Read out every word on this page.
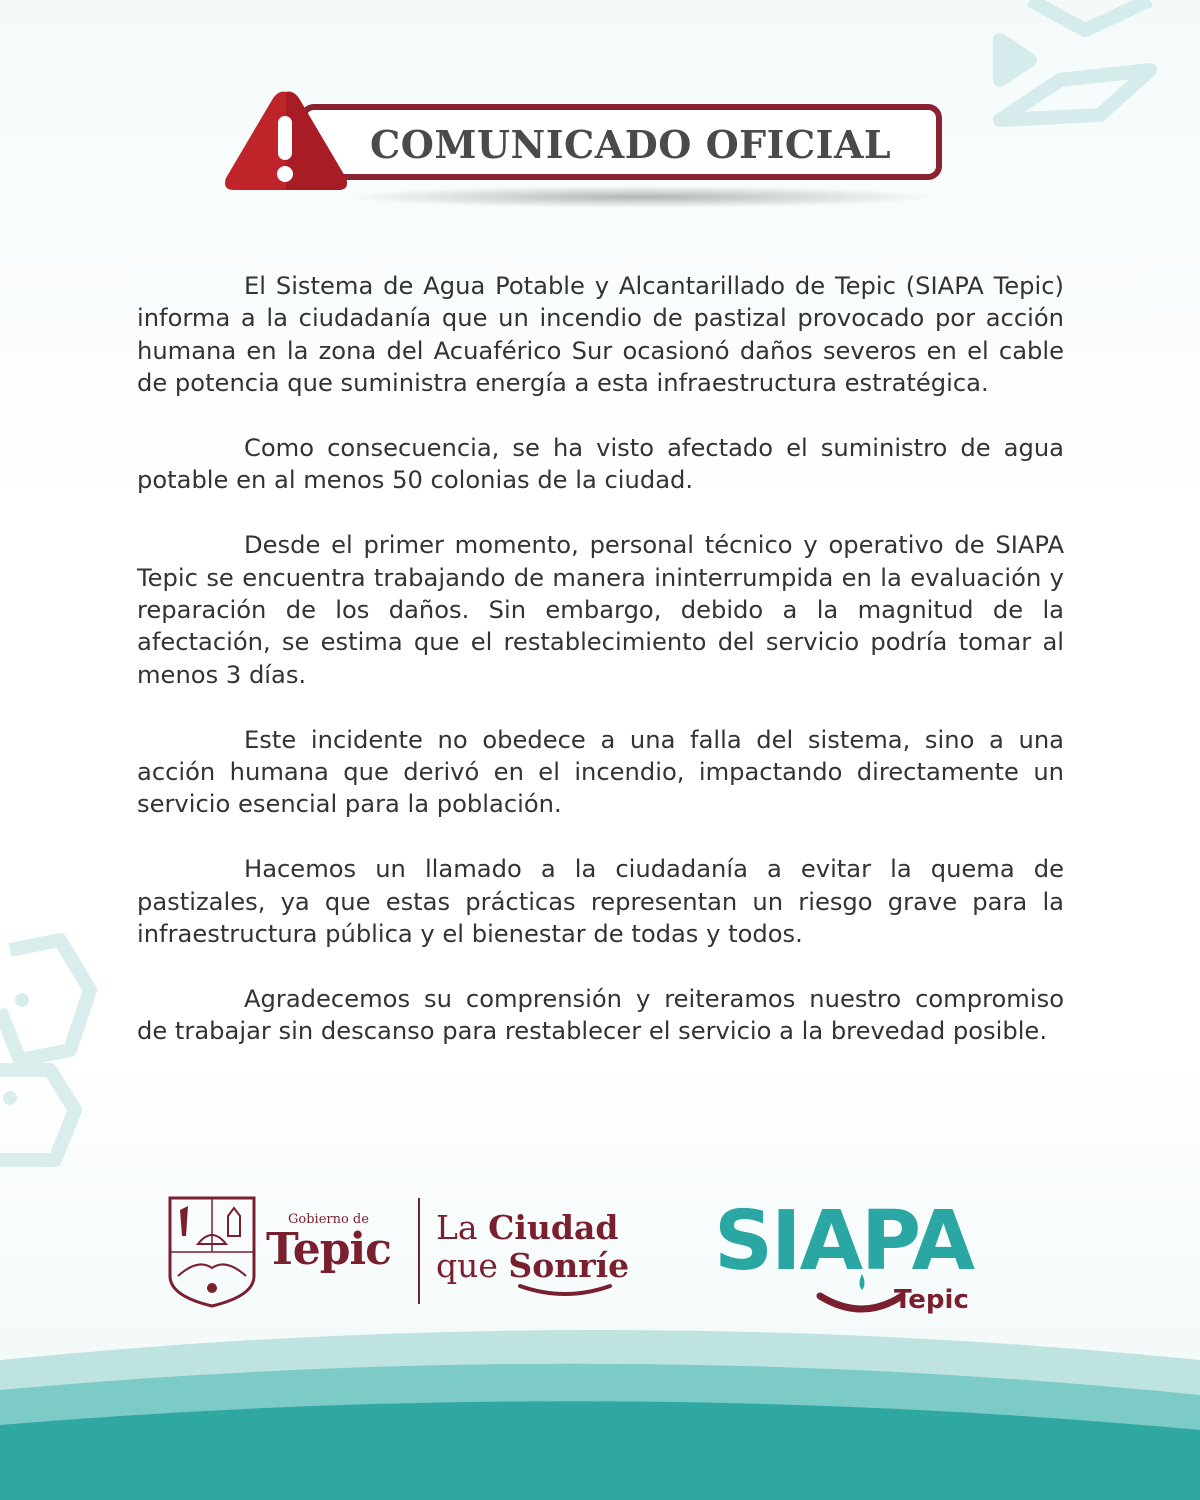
COMUNICADO OFICIAL

El Sistema de Agua Potable y Alcantarillado de Tepic (SIAPA Tepic) informa a la ciudadanía que un incendio de pastizal provocado por acción humana en la zona del Acuaférico Sur ocasionó daños severos en el cable de potencia que suministra energía a esta infraestructura estratégica.

Como consecuencia, se ha visto afectado el suministro de agua potable en al menos 50 colonias de la ciudad.

Desde el primer momento, personal técnico y operativo de SIAPA Tepic se encuentra trabajando de manera ininterrumpida en la evaluación y reparación de los daños. Sin embargo, debido a la magnitud de la afectación, se estima que el restablecimiento del servicio podría tomar al menos 3 días.

Este incidente no obedece a una falla del sistema, sino a una acción humana que derivó en el incendio, impactando directamente un servicio esencial para la población.

Hacemos un llamado a la ciudadanía a evitar la quema de pastizales, ya que estas prácticas representan un riesgo grave para la infraestructura pública y el bienestar de todas y todos.

Agradecemos su comprensión y reiteramos nuestro compromiso de trabajar sin descanso para restablecer el servicio a la brevedad posible.

Gobierno de
Tepic La Ciudad
que Sonríe SIAPA
Tepic
